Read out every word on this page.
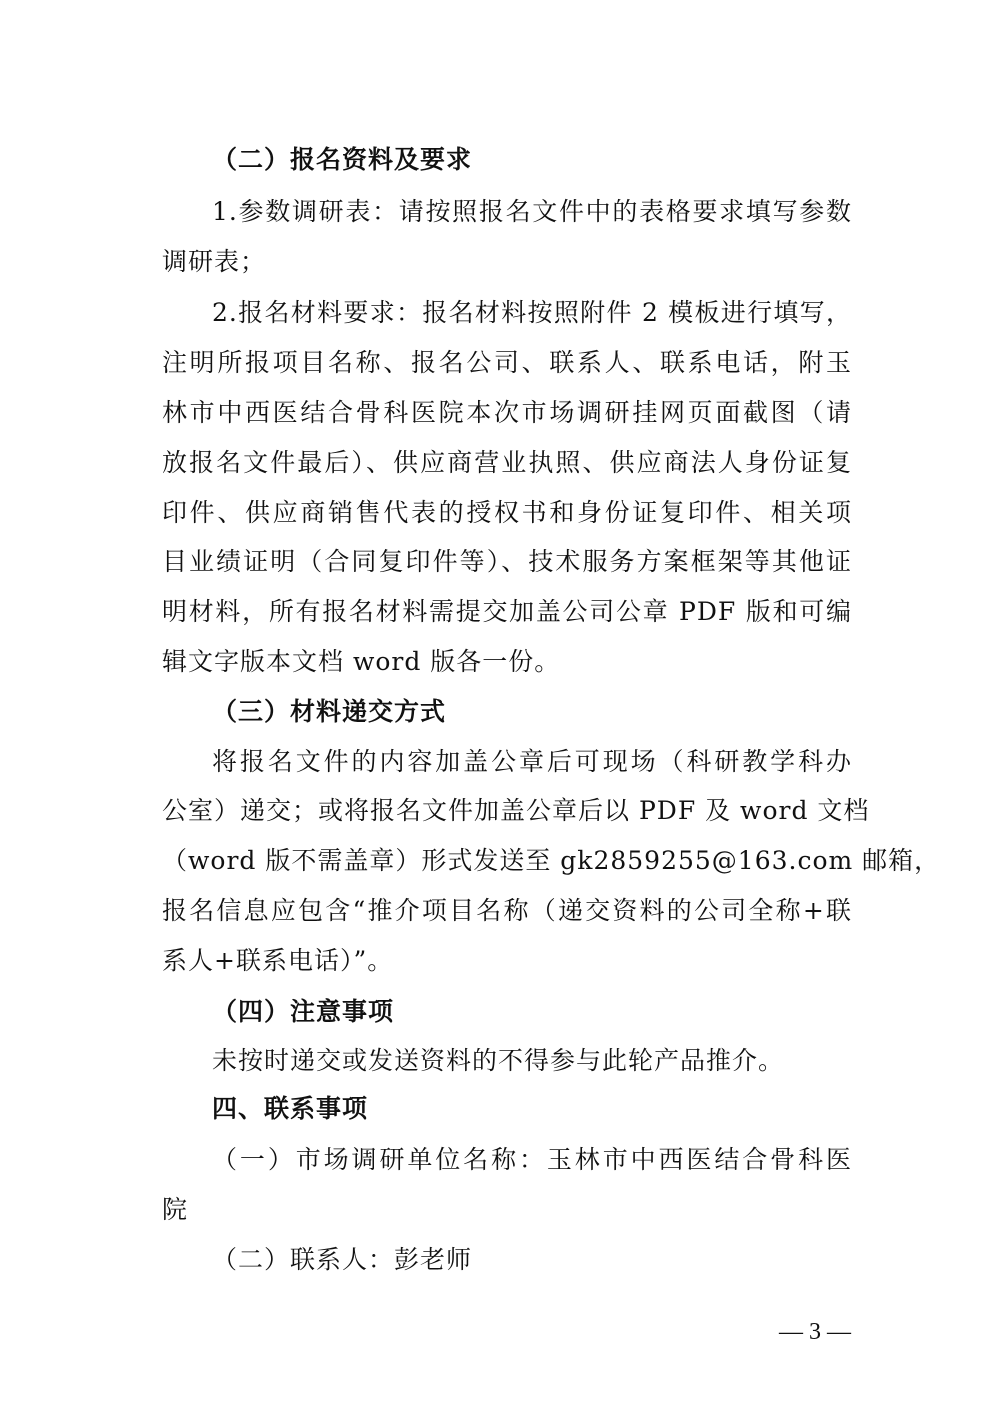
（二）报名资料及要求
1.参数调研表：请按照报名文件中的表格要求填写参数
调研表；
2.报名材料要求：报名材料按照附件 2 模板进行填写，
注明所报项目名称、报名公司、联系人、联系电话，附玉
林市中西医结合骨科医院本次市场调研挂网页面截图（请
放报名文件最后）、供应商营业执照、供应商法人身份证复
印件、供应商销售代表的授权书和身份证复印件、相关项
目业绩证明（合同复印件等）、技术服务方案框架等其他证
明材料，所有报名材料需提交加盖公司公章 PDF 版和可编
辑文字版本文档 word 版各一份。
（三）材料递交方式
将报名文件的内容加盖公章后可现场（科研教学科办
公室）递交；或将报名文件加盖公章后以 PDF 及 word 文档
（word 版不需盖章）形式发送至 gk2859255@163.com 邮箱，
报名信息应包含“推介项目名称（递交资料的公司全称+联
系人+联系电话）”。
（四）注意事项
未按时递交或发送资料的不得参与此轮产品推介。
四、联系事项
（一）市场调研单位名称：玉林市中西医结合骨科医
院
（二）联系人：彭老师
— 3 —
